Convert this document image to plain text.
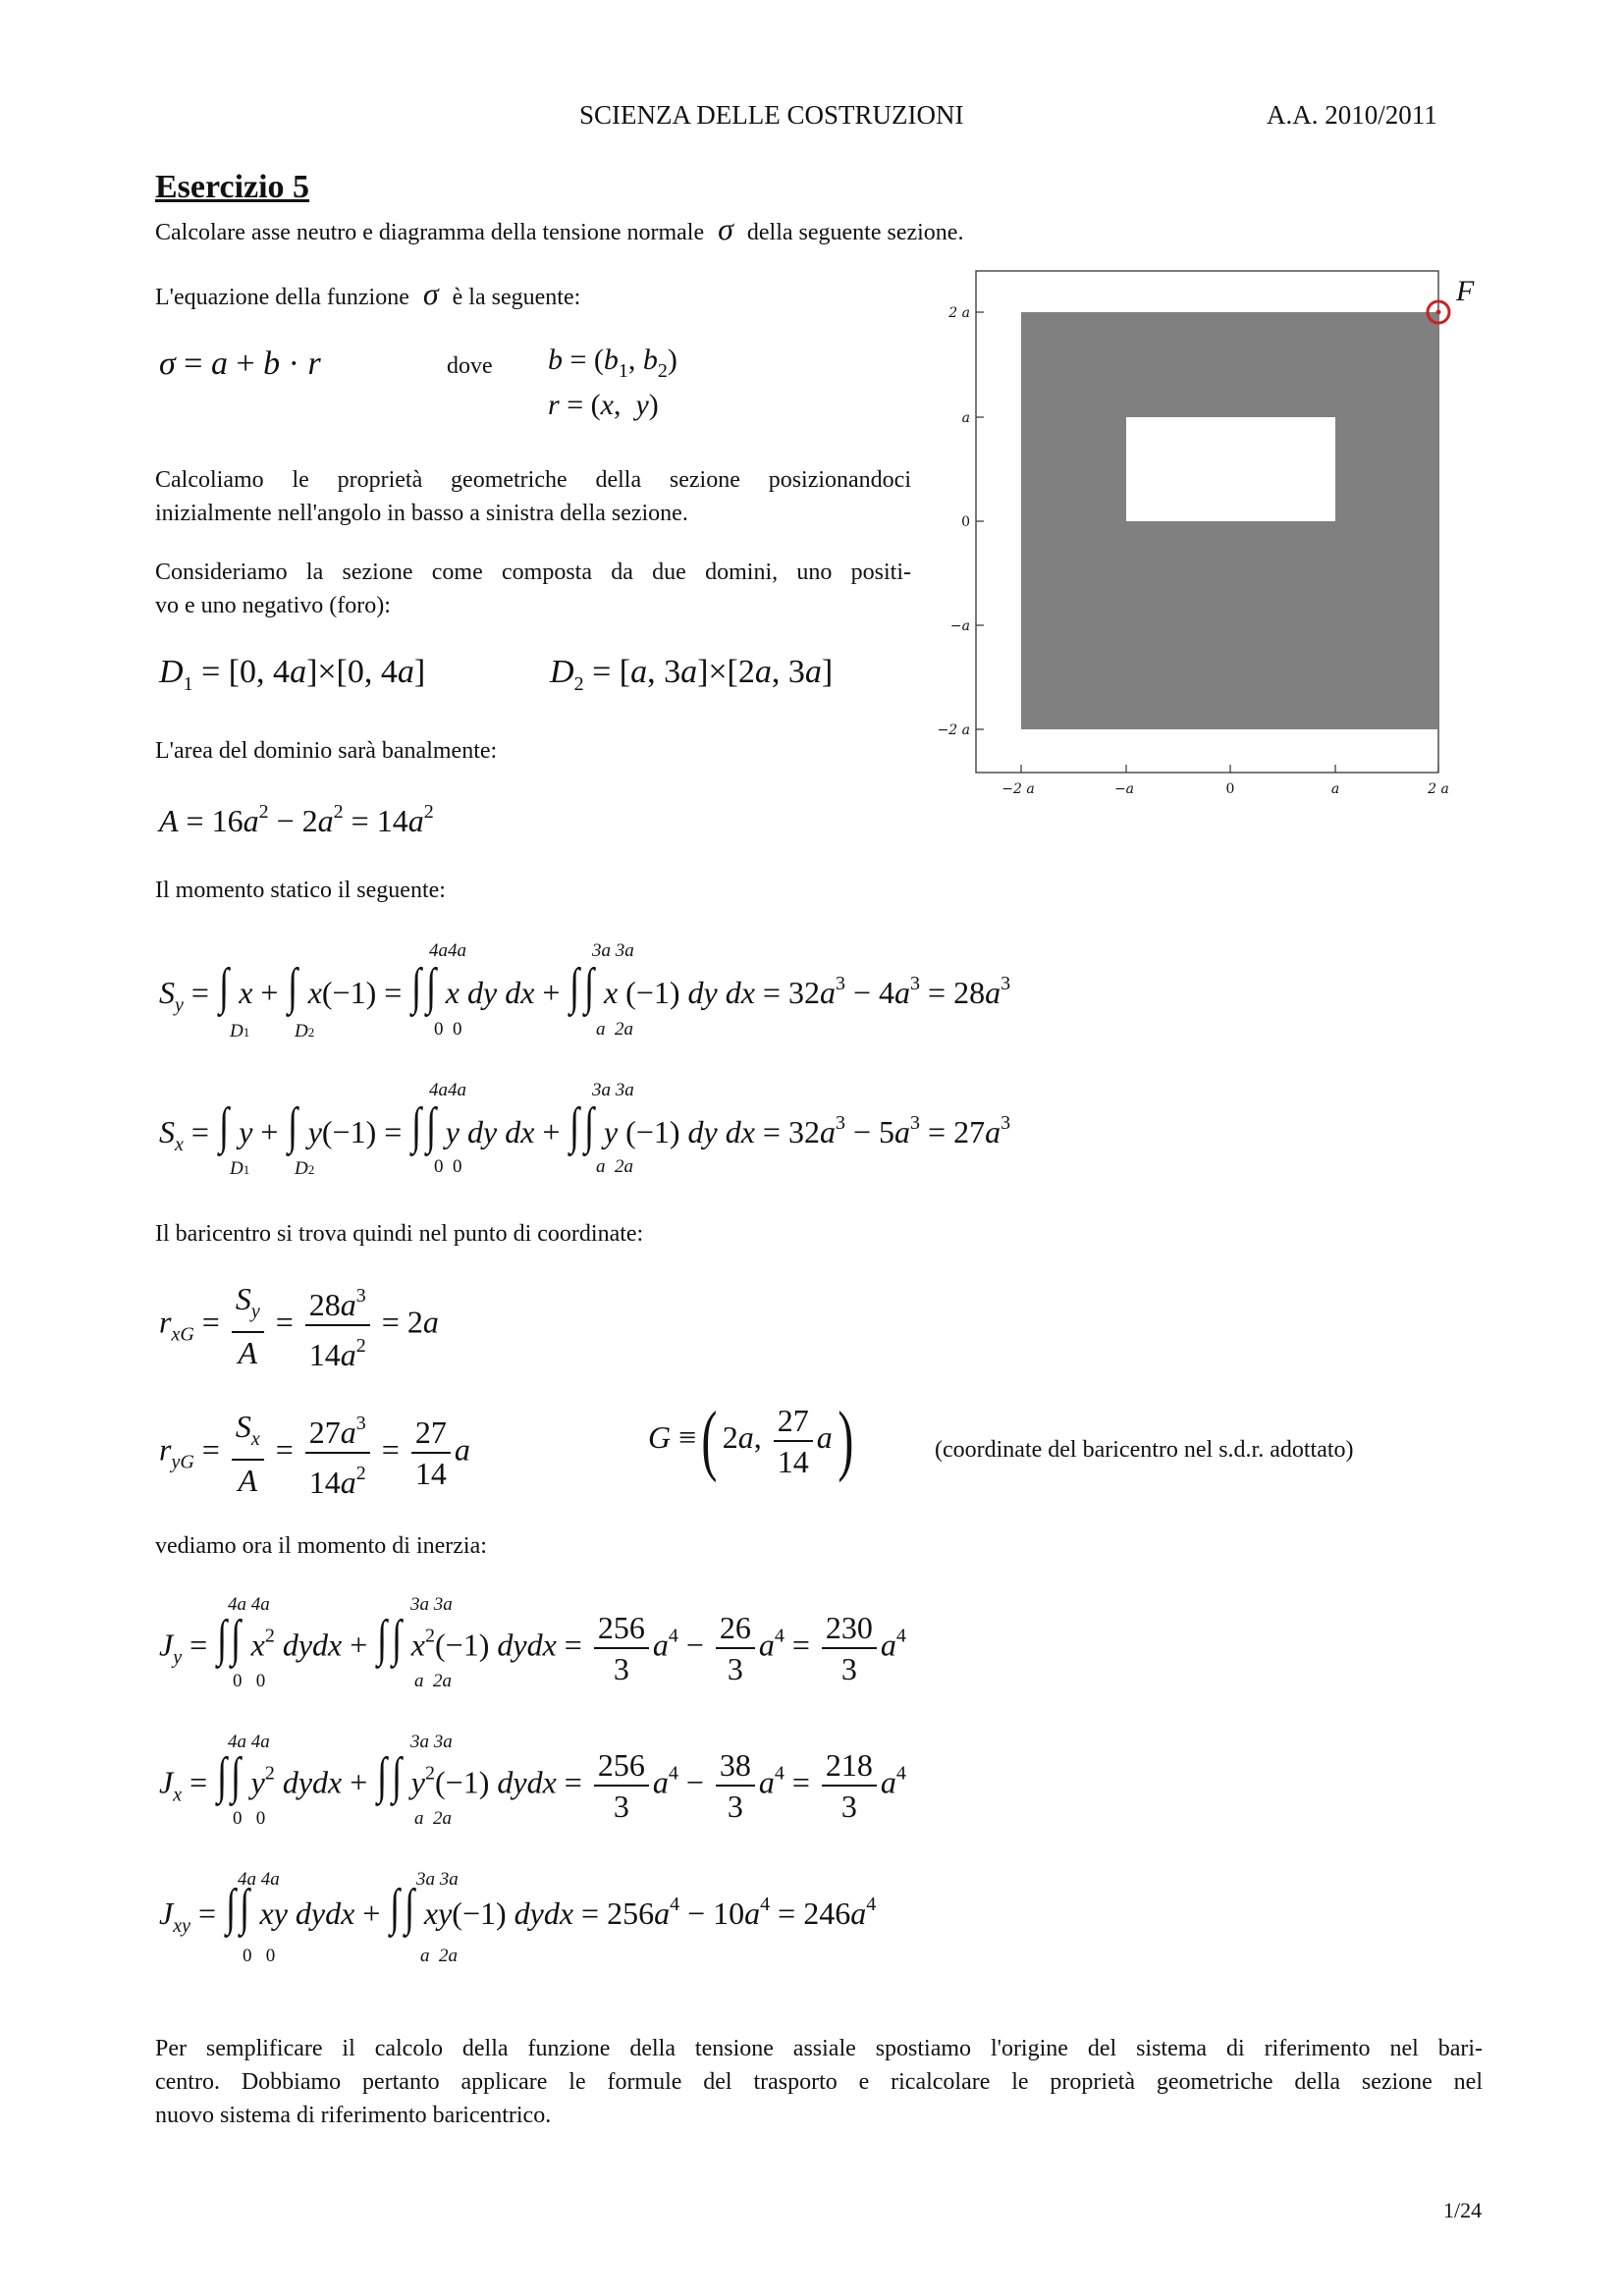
SCIENZA DELLE COSTRUZIONI	A.A. 2010/2011
Esercizio 5
Calcolare asse neutro e diagramma della tensione normale σ della seguente sezione.
L'equazione della funzione σ è la seguente:
σ = a + b · r	dove $b = (b_1$, $b_2$)
r = (x,  y)
Calcoliamo le proprietà geometriche della sezione posizionandoci
inizialmente nell'angolo in basso a sinistra della sezione.
Consideriamo la sezione come composta da due domini, uno positi-
vo e uno negativo (foro):
$D_1 = [0$, 4a]×[0, 4a]	$D_2 = [a$, 3a]×[2a, 3a]
L'area del dominio sarà banalmente:
$A = 16a^2 - 2a^2 = 14a^2$
Il momento statico il seguente:
$S_y$ = ∫ x + ∫ x(−1) = ∫∫ x dy dx + ∫∫ x (−1) dy dx = $32a^3 - 4a^3 = 28a^3$
D1 D2
4a4a
0  0
3a 3a
a  2a
$S_x$ = ∫ y + ∫ y(−1) = ∫∫ y dy dx + ∫∫ y (−1) dy dx = $32a^3 - 5a^3 = 27a^3$
D1 D2
4a4a
0  0
3a 3a
a  2a
Il baricentro si trova quindi nel punto di coordinate:
$r_{xG} = \frac{S_y}{A} = \frac{28a^3}{14a^2} = 2a$
$r_{yG} = \frac{S_x}{A} = \frac{27a^3}{14a^2} = \frac{27}{14}$ a	G ≡( 2a, $\frac{27}{14} a$)	(coordinate del baricentro nel s.d.r. adottato)
vediamo ora il momento di inerzia:
$J_y$ = ∫∫ $x^2$ dydx + ∫∫ $x^2(-1)$ dydx = $\frac{256}{3} a^4 - \frac{26}{3} a^4 = \frac{230}{3} a^4$
4a 4a
0   0
3a 3a
a  2a
$J_x$ = ∫∫ $y^2$ dydx + ∫∫ $y^2(-1)$ dydx = $\frac{256}{3} a^4 - \frac{38}{3} a^4 = \frac{218}{3} a^4$
4a 4a
0   0
3a 3a
a  2a
$J_{xy}$ = ∫∫ xy dydx + ∫∫ xy(−1) dydx = $256a^4 - 10a^4 = 246a^4$
4a 4a
0   0
3a 3a
a  2a
Per semplificare il calcolo della funzione della tensione assiale spostiamo l'origine del sistema di riferimento nel bari-
centro. Dobbiamo pertanto applicare le formule del trasporto e ricalcolare le proprietà geometriche della sezione nel
nuovo sistema di riferimento baricentrico.
1/24
F
2 a
a
0
−a
−2 a
−2 a	−a	0	a	2 a
